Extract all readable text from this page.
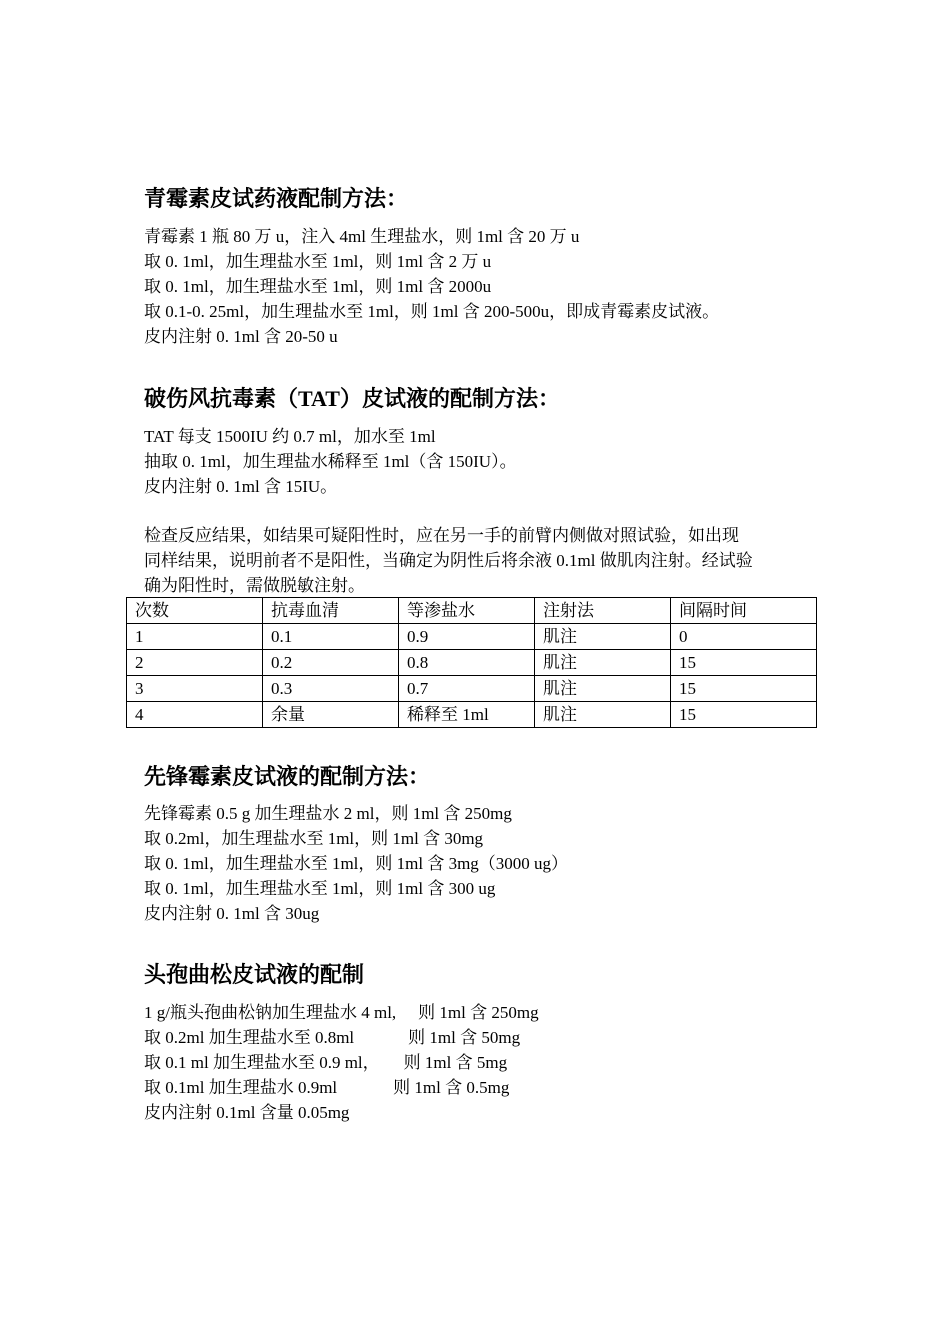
青霉素皮试药液配制方法：
青霉素 1 瓶 80 万 u，注入 4ml 生理盐水，则 1ml 含 20 万 u
取 0. 1ml，加生理盐水至 1ml，则 1ml 含 2 万 u
取 0. 1ml，加生理盐水至 1ml，则 1ml 含 2000u
取 0.1-0. 25ml，加生理盐水至 1ml，则 1ml 含 200-500u，即成青霉素皮试液。
皮内注射 0. 1ml 含 20-50 u
破伤风抗毒素（TAT）皮试液的配制方法：
TAT 每支 1500IU 约 0.7 ml，加水至 1ml
抽取 0. 1ml，加生理盐水稀释至 1ml（含 150IU）。
皮内注射 0. 1ml 含 15IU。
检查反应结果，如结果可疑阳性时，应在另一手的前臂内侧做对照试验，如出现
同样结果，说明前者不是阳性，当确定为阴性后将余液 0.1ml 做肌肉注射。经试验
确为阳性时，需做脱敏注射。
次数	抗毒血清	等渗盐水	注射法	间隔时间
1	0.1	0.9	肌注	0
2	0.2	0.8	肌注	15
3	0.3	0.7	肌注	15
4	余量	稀释至 1ml	肌注	15
先锋霉素皮试液的配制方法：
先锋霉素 0.5 g 加生理盐水 2 ml，则 1ml 含 250mg
取 0.2ml，加生理盐水至 1ml，则 1ml 含 30mg
取 0. 1ml，加生理盐水至 1ml，则 1ml 含 3mg（3000 ug）
取 0. 1ml，加生理盐水至 1ml，则 1ml 含 300 ug
皮内注射 0. 1ml 含 30ug
头孢曲松皮试液的配制
1 g/瓶头孢曲松钠加生理盐水 4 ml, 则 1ml 含 250mg
取 0.2ml 加生理盐水至 0.8ml	则 1ml 含 50mg
取 0.1 ml 加生理盐水至 0.9 ml， 则 1ml 含 5mg
取 0.1ml 加生理盐水 0.9ml	则 1ml 含 0.5mg
皮内注射 0.1ml 含量 0.05mg
